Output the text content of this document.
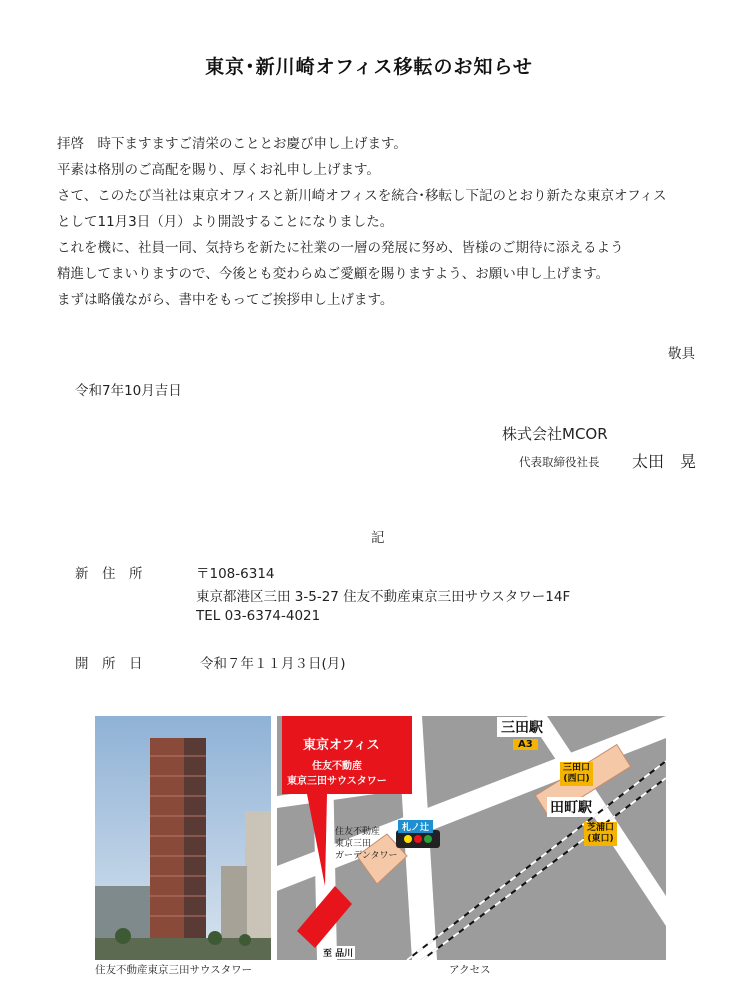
東京･新川崎オフィス移転のお知らせ
拝啓　時下ますますご清栄のこととお慶び申し上げます。
平素は格別のご高配を賜り、厚くお礼申し上げます。
さて、このたび当社は東京オフィスと新川崎オフィスを統合･移転し下記のとおり新たな東京オフィス
として11月3日（月）より開設することになりました。
これを機に、社員一同、気持ちを新たに社業の一層の発展に努め、皆様のご期待に添えるよう
精進してまいりますので、今後とも変わらぬご愛顧を賜りますよう、お願い申し上げます。
まずは略儀ながら、書中をもってご挨拶申し上げます。
敬具
令和7年10月吉日
株式会社MCOR
代表取締役社長 太田　晃
記
新　住　所	〒108-6314
東京都港区三田 3-5-27 住友不動産東京三田サウスタワー14F
TEL 03-6374-4021
開　所　日	令和７年１１月３日(月)
住友不動産東京三田サウスタワー
東京オフィス
住友不動産
東京三田サウスタワー
三田駅
A3
三田口
(西口)
田町駅
芝浦口
(東口)
札ノ辻
住友不動産
東京三田
ガーデンタワー
至 品川
アクセス
